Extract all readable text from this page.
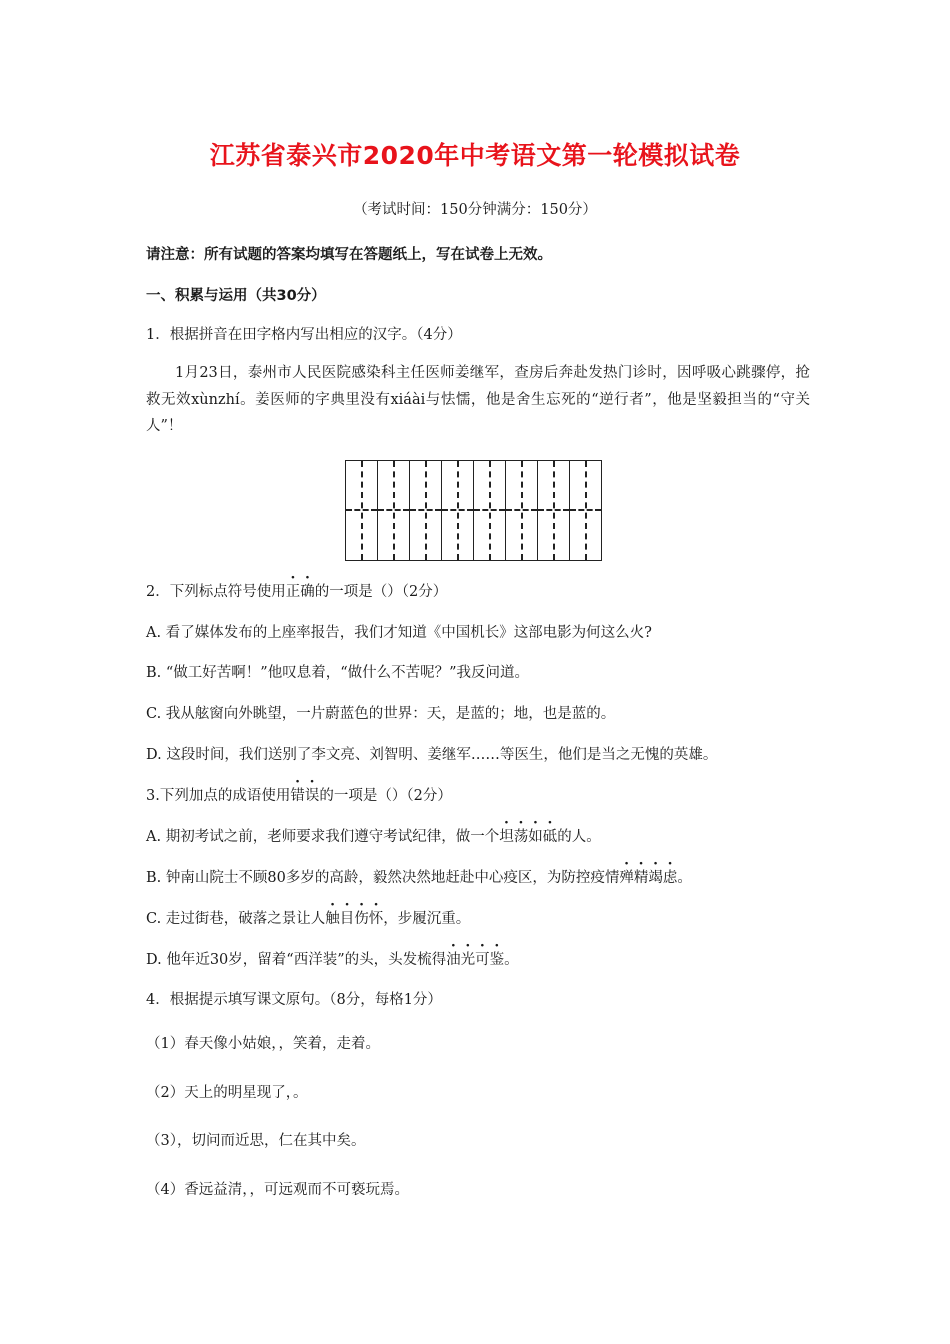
江苏省泰兴市2020年中考语文第一轮模拟试卷
（考试时间：150分钟满分：150分）
请注意：所有试题的答案均填写在答题纸上，写在试卷上无效。
一、积累与运用（共30分）
1．根据拼音在田字格内写出相应的汉字。（4分）
1月23日，泰州市人民医院感染科主任医师姜继军，查房后奔赴发热门诊时，因呼吸心跳骤停，抢救无效xùnzhí。姜医师的字典里没有xiáài与怯懦，他是舍生忘死的“逆行者”，他是坚毅担当的“守关人”！
2．下列标点符号使用正确的一项是（）（2分）
A. 看了媒体发布的上座率报告，我们才知道《中国机长》这部电影为何这么火?
B. “做工好苦啊！”他叹息着，“做什么不苦呢？”我反问道。
C. 我从舷窗向外眺望，一片蔚蓝色的世界：天，是蓝的；地，也是蓝的。
D. 这段时间，我们送别了李文亮、刘智明、姜继军……等医生，他们是当之无愧的英雄。
3.下列加点的成语使用错误的一项是（）（2分）
A. 期初考试之前，老师要求我们遵守考试纪律，做一个坦荡如砥的人。
B. 钟南山院士不顾80多岁的高龄，毅然决然地赶赴中心疫区，为防控疫情殚精竭虑。
C. 走过街巷，破落之景让人触目伤怀，步履沉重。
D. 他年近30岁，留着“西洋装”的头，头发梳得油光可鉴。
4．根据提示填写课文原句。（8分，每格1分）
（1）春天像小姑娘，，笑着，走着。
（2）天上的明星现了，。
（3），切问而近思，仁在其中矣。
（4）香远益清，，可远观而不可亵玩焉。
